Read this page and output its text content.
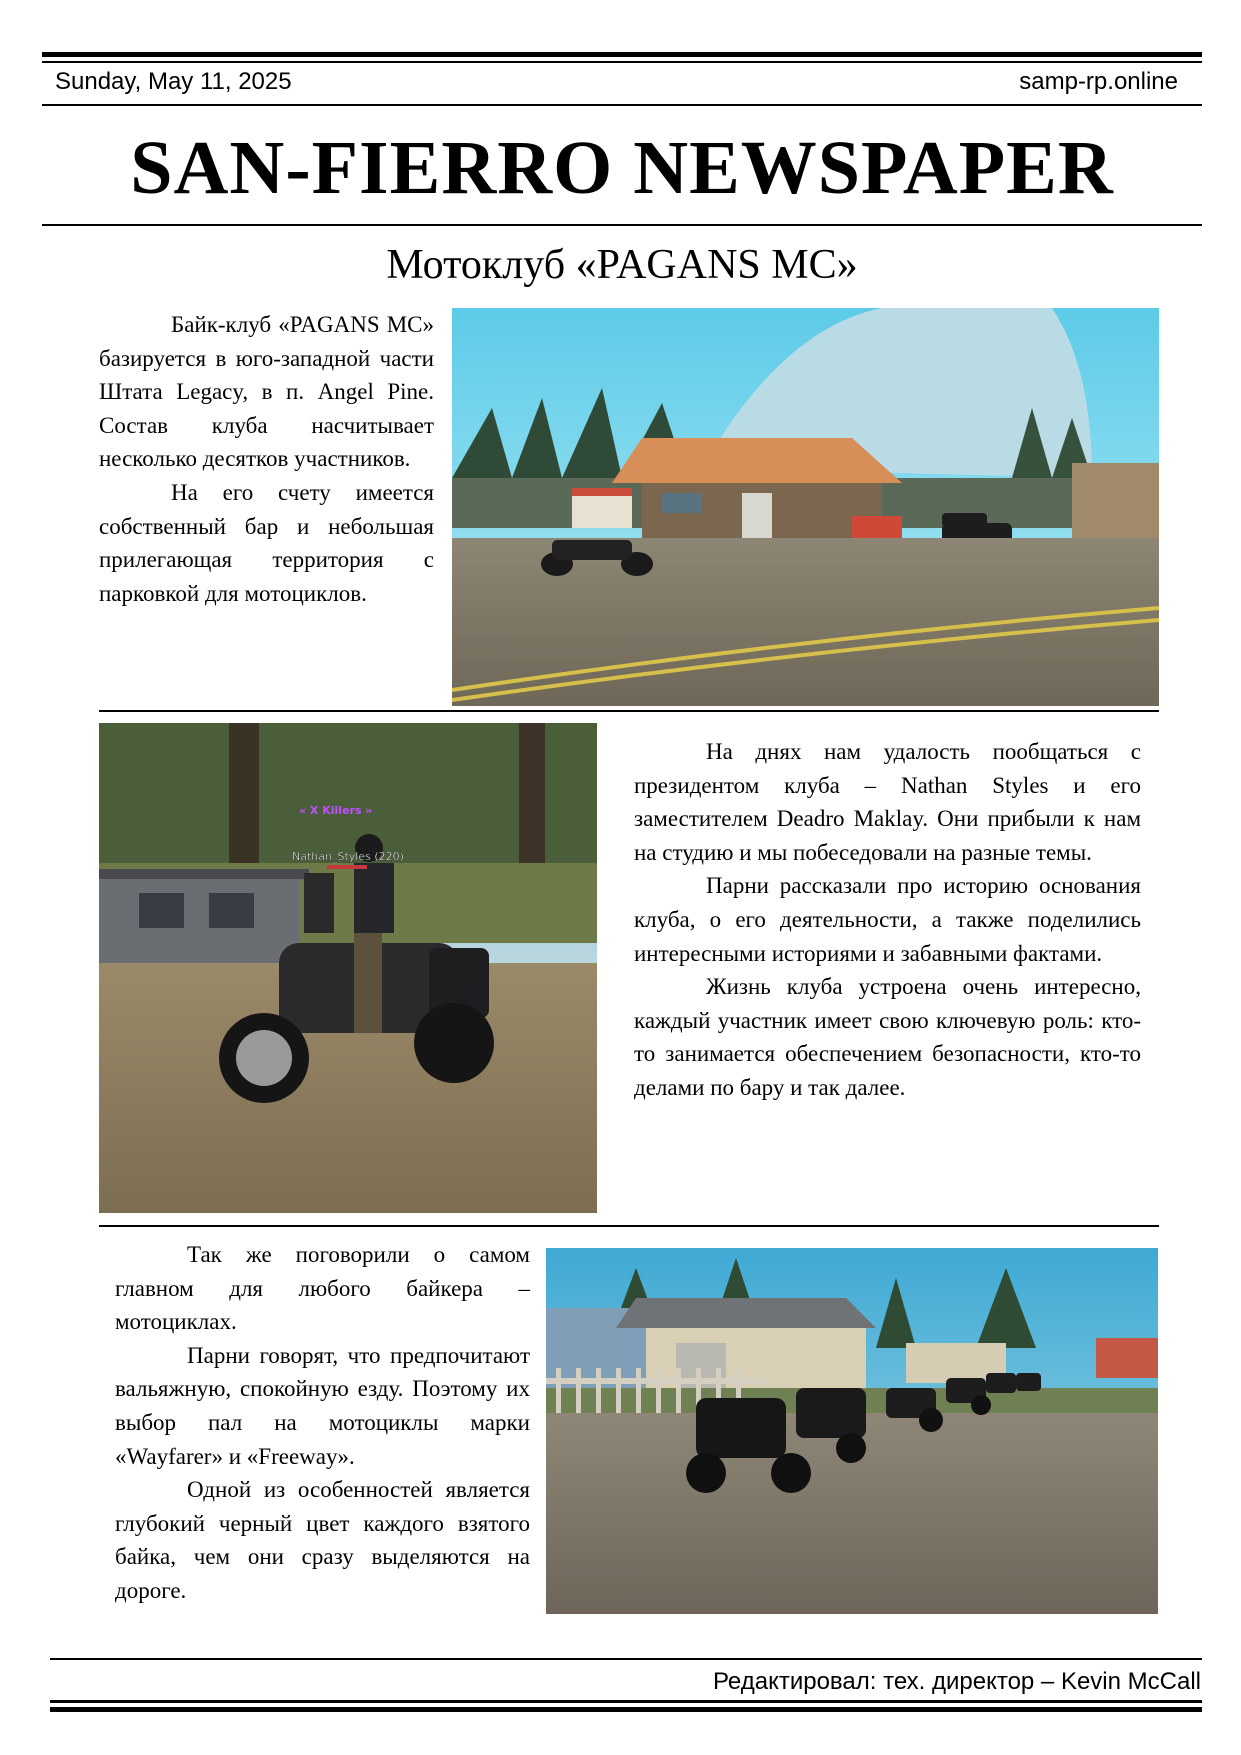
Sunday, May 11, 2025	samp-rp.online
SAN-FIERRO NEWSPAPER
Мотоклуб «PAGANS MC»

Байк-клуб «PAGANS MC» базируется в юго-западной части Штата Legacy, в п. Angel Pine. Состав клуба насчитывает несколько десятков участников.

На его счету имеется собственный бар и небольшая прилегающая территория с парковкой для мотоциклов.

« X Killers »
Nathan_Styles (220)

На днях нам удалость пообщаться с президентом клуба – Nathan Styles и его заместителем Deadro Maklay. Они прибыли к нам на студию и мы побеседовали на разные темы.

Парни рассказали про историю основания клуба, о его деятельности, а также поделились интересными историями и забавными фактами.

Жизнь клуба устроена очень интересно, каждый участник имеет свою ключевую роль: кто-то занимается обеспечением безопасности, кто-то делами по бару и так далее.

Так же поговорили о самом главном для любого байкера – мотоциклах.

Парни говорят, что предпочитают вальяжную, спокойную езду. Поэтому их выбор пал на мотоциклы марки «Wayfarer» и «Freeway».

Одной из особенностей является глубокий черный цвет каждого взятого байка, чем они сразу выделяются на дороге.

Редактировал: тех. директор – Kevin McCall
